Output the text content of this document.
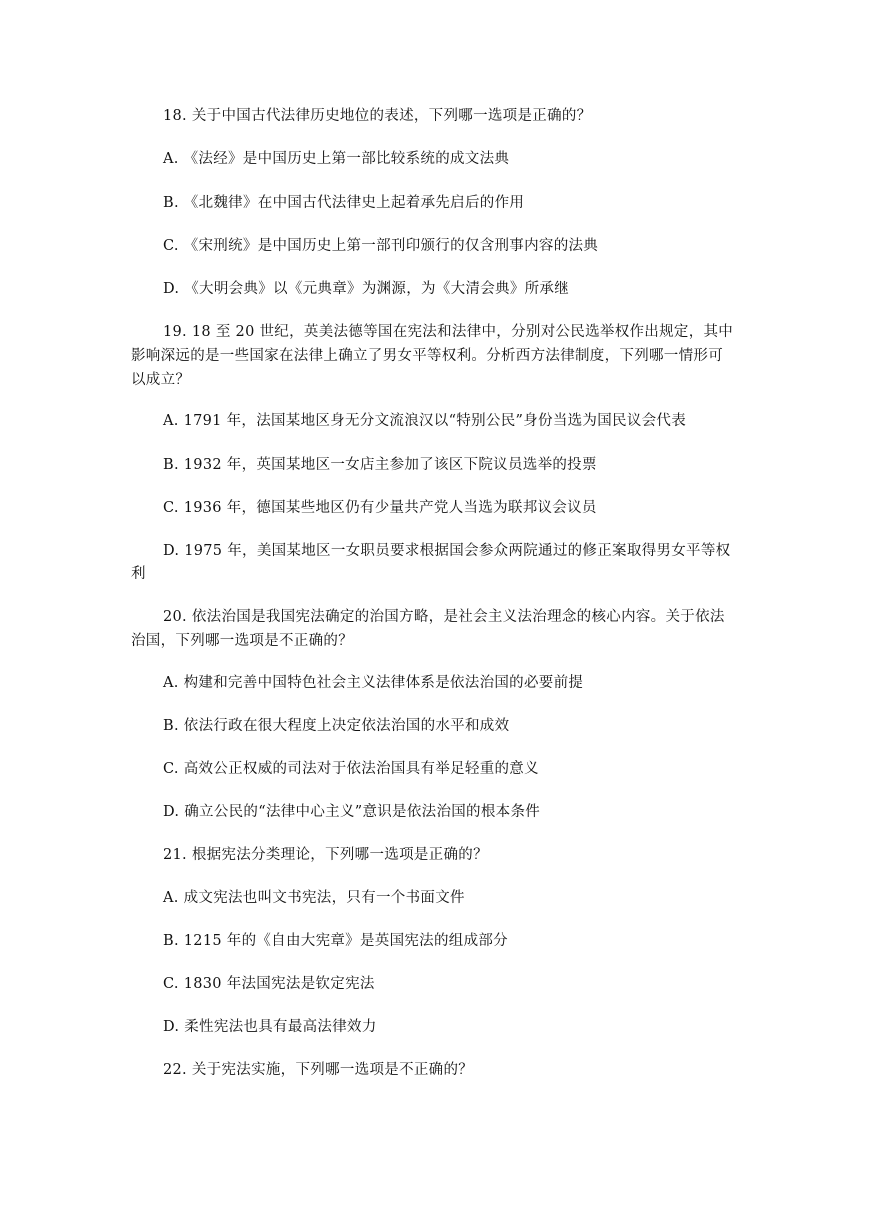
18. 关于中国古代法律历史地位的表述，下列哪一选项是正确的？
A. 《法经》是中国历史上第一部比较系统的成文法典
B. 《北魏律》在中国古代法律史上起着承先启后的作用
C. 《宋刑统》是中国历史上第一部刊印颁行的仅含刑事内容的法典
D. 《大明会典》以《元典章》为渊源，为《大清会典》所承继
19. 18 至 20 世纪，英美法德等国在宪法和法律中，分别对公民选举权作出规定，其中
影响深远的是一些国家在法律上确立了男女平等权利。分析西方法律制度，下列哪一情形可
以成立？
A. 1791 年，法国某地区身无分文流浪汉以“特别公民”身份当选为国民议会代表
B. 1932 年，英国某地区一女店主参加了该区下院议员选举的投票
C. 1936 年，德国某些地区仍有少量共产党人当选为联邦议会议员
D. 1975 年，美国某地区一女职员要求根据国会参众两院通过的修正案取得男女平等权
利
20. 依法治国是我国宪法确定的治国方略，是社会主义法治理念的核心内容。关于依法
治国，下列哪一选项是不正确的？
A. 构建和完善中国特色社会主义法律体系是依法治国的必要前提
B. 依法行政在很大程度上决定依法治国的水平和成效
C. 高效公正权威的司法对于依法治国具有举足轻重的意义
D. 确立公民的“法律中心主义”意识是依法治国的根本条件
21. 根据宪法分类理论，下列哪一选项是正确的？
A. 成文宪法也叫文书宪法，只有一个书面文件
B. 1215 年的《自由大宪章》是英国宪法的组成部分
C. 1830 年法国宪法是钦定宪法
D. 柔性宪法也具有最高法律效力
22. 关于宪法实施，下列哪一选项是不正确的？
